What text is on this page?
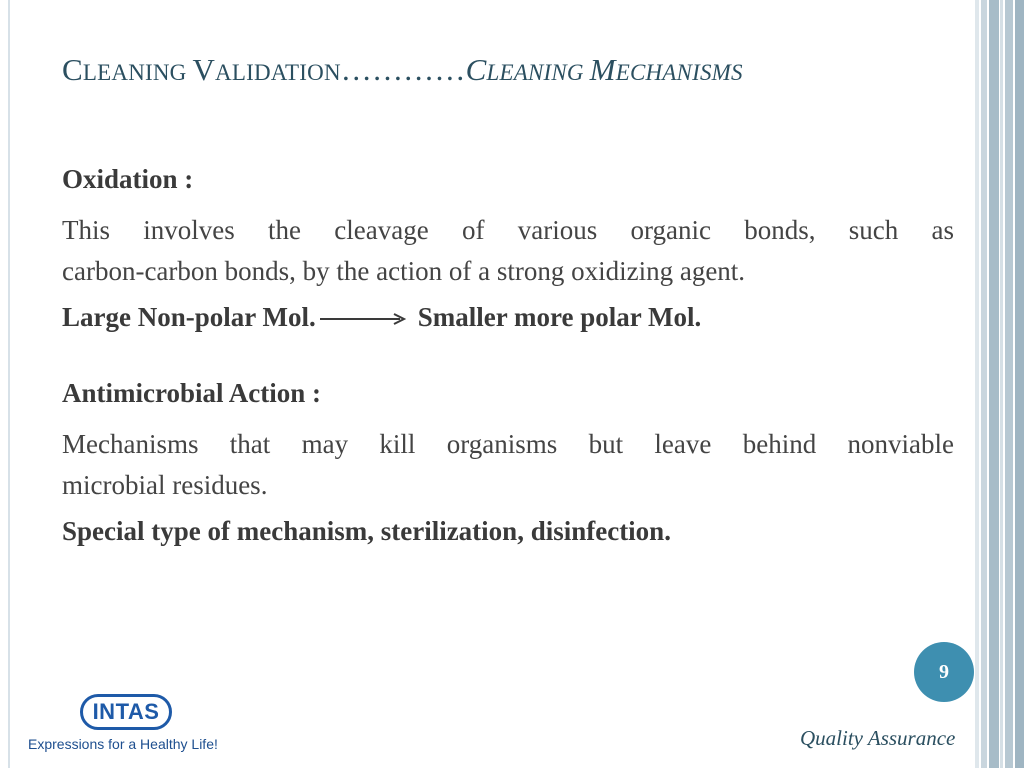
CLEANING VALIDATION…………CLEANING MECHANISMS
Oxidation :
This involves the cleavage of various organic bonds, such as
carbon-carbon bonds, by the action of a strong oxidizing agent.
Large Non-polar Mol.	Smaller more polar Mol.
Antimicrobial Action :
Mechanisms that may kill organisms but leave behind nonviable
microbial residues.
Special type of mechanism, sterilization, disinfection.
9
INTAS
Expressions for a Healthy Life!	Quality Assurance
